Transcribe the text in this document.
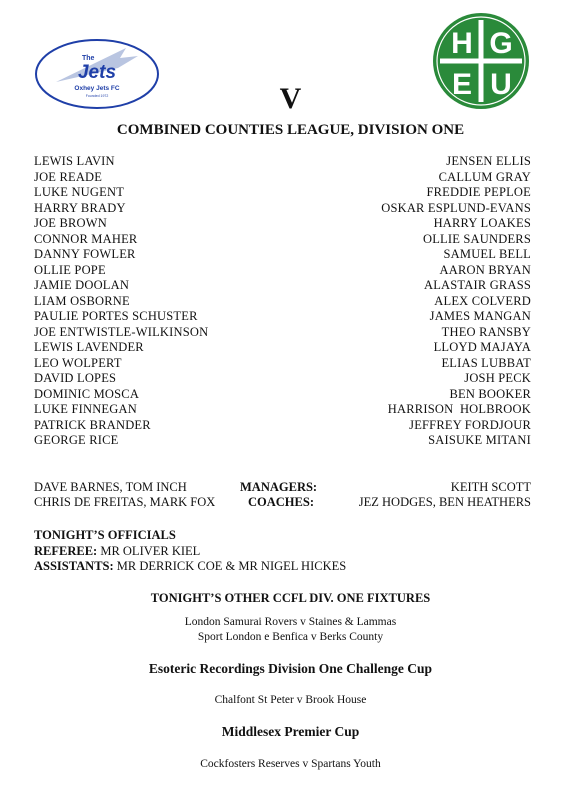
The
Jets
Oxhey Jets FC
Founded 1972
H G
E U
V
COMBINED COUNTIES LEAGUE, DIVISION ONE
LEWIS LAVIN
JOE READE
LUKE NUGENT
HARRY BRADY
JOE BROWN
CONNOR MAHER
DANNY FOWLER
OLLIE POPE
JAMIE DOOLAN
LIAM OSBORNE
PAULIE PORTES SCHUSTER
JOE ENTWISTLE-WILKINSON
LEWIS LAVENDER
LEO WOLPERT
DAVID LOPES
DOMINIC MOSCA
LUKE FINNEGAN
PATRICK BRANDER
GEORGE RICE
JENSEN ELLIS
CALLUM GRAY
FREDDIE PEPLOE
OSKAR ESPLUND-EVANS
HARRY LOAKES
OLLIE SAUNDERS
SAMUEL BELL
AARON BRYAN
ALASTAIR GRASS
ALEX COLVERD
JAMES MANGAN
THEO RANSBY
LLOYD MAJAYA
ELIAS LUBBAT
JOSH PECK
BEN BOOKER
HARRISON  HOLBROOK
JEFFREY FORDJOUR
SAISUKE MITANI
DAVE BARNES, TOM INCH	MANAGERS:	KEITH SCOTT
CHRIS DE FREITAS, MARK FOX	COACHES:	JEZ HODGES, BEN HEATHERS
TONIGHT’S OFFICIALS
REFEREE: MR OLIVER KIEL
ASSISTANTS: MR DERRICK COE & MR NIGEL HICKES
TONIGHT’S OTHER CCFL DIV. ONE FIXTURES
London Samurai Rovers v Staines & Lammas
Sport London e Benfica v Berks County
Esoteric Recordings Division One Challenge Cup
Chalfont St Peter v Brook House
Middlesex Premier Cup
Cockfosters Reserves v Spartans Youth
